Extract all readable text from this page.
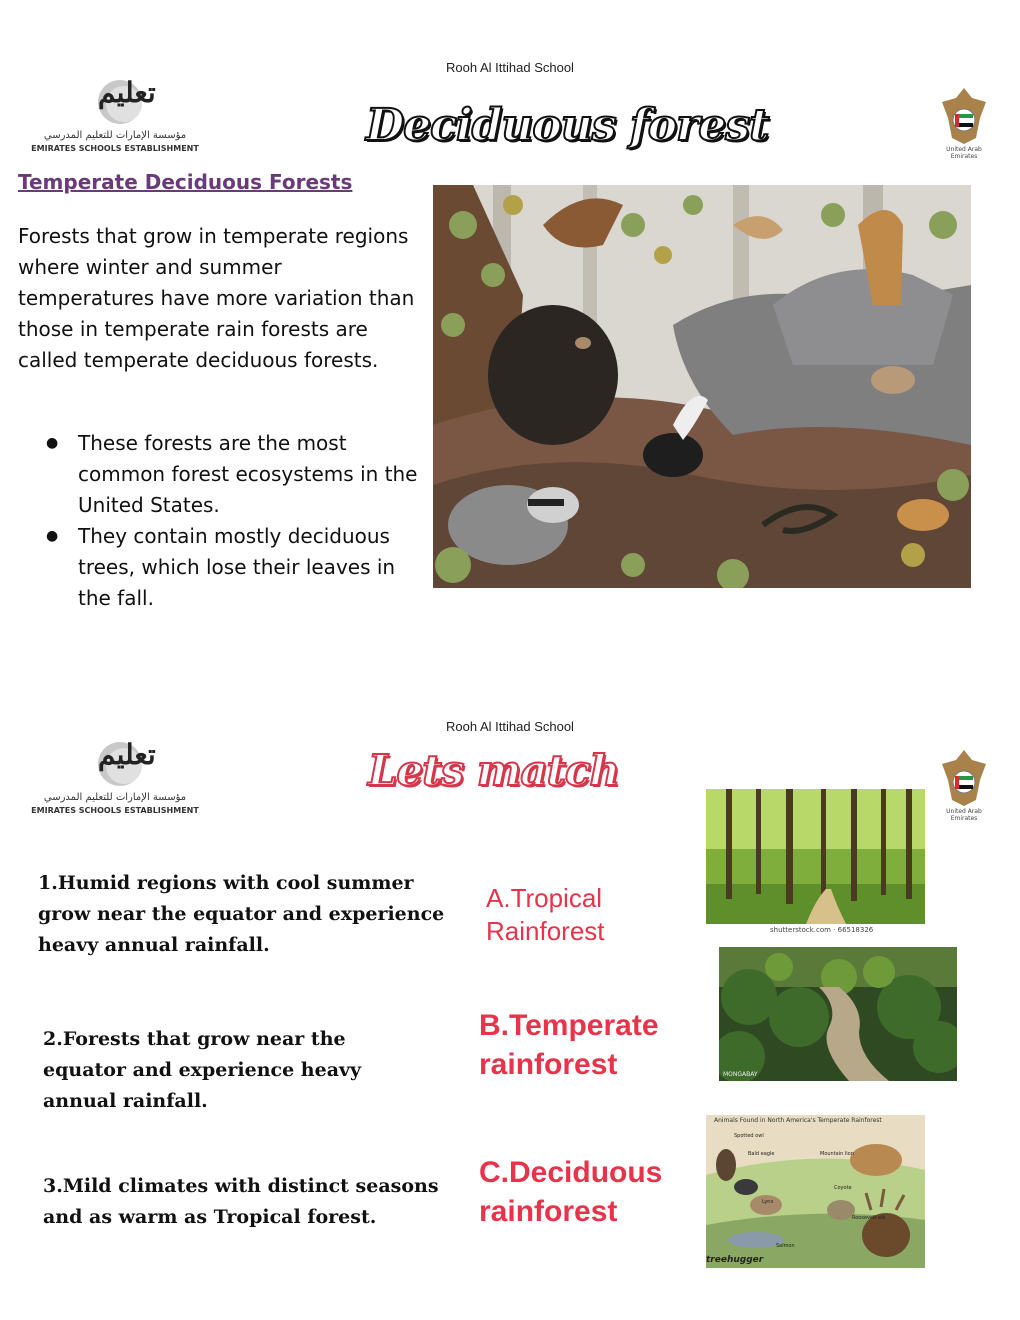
Rooh Al Ittihad School
تعليم
مؤسسة الإمارات للتعليم المدرسي
EMIRATES SCHOOLS ESTABLISHMENT	Deciduous forest	United Arab Emirates
Temperate Deciduous Forests
Forests that grow in temperate regions where winter and summer temperatures have more variation than those in temperate rain forests are called temperate deciduous forests.
● These forests are the most common forest ecosystems in the United States.
● They contain mostly deciduous trees, which lose their leaves in the fall.
Rooh Al Ittihad School
تعليم
مؤسسة الإمارات للتعليم المدرسي
EMIRATES SCHOOLS ESTABLISHMENT
Lets match
United Arab Emirates
1.Humid regions with cool summer grow near the equator and experience heavy annual rainfall.
2.Forests that grow near the equator and experience heavy annual rainfall.
3.Mild climates with distinct seasons and as warm as Tropical forest.
A.Tropical
Rainforest
B.Temperate
rainforest
C.Deciduous
rainforest
shutterstock.com · 66518326
MONGABAY
Animals Found in North America's Temperate Rainforest
Spotted owl
Bald eagle	Mountain lion
Lynx
Coyote
Salmon
Roosevelt elk
treehugger
